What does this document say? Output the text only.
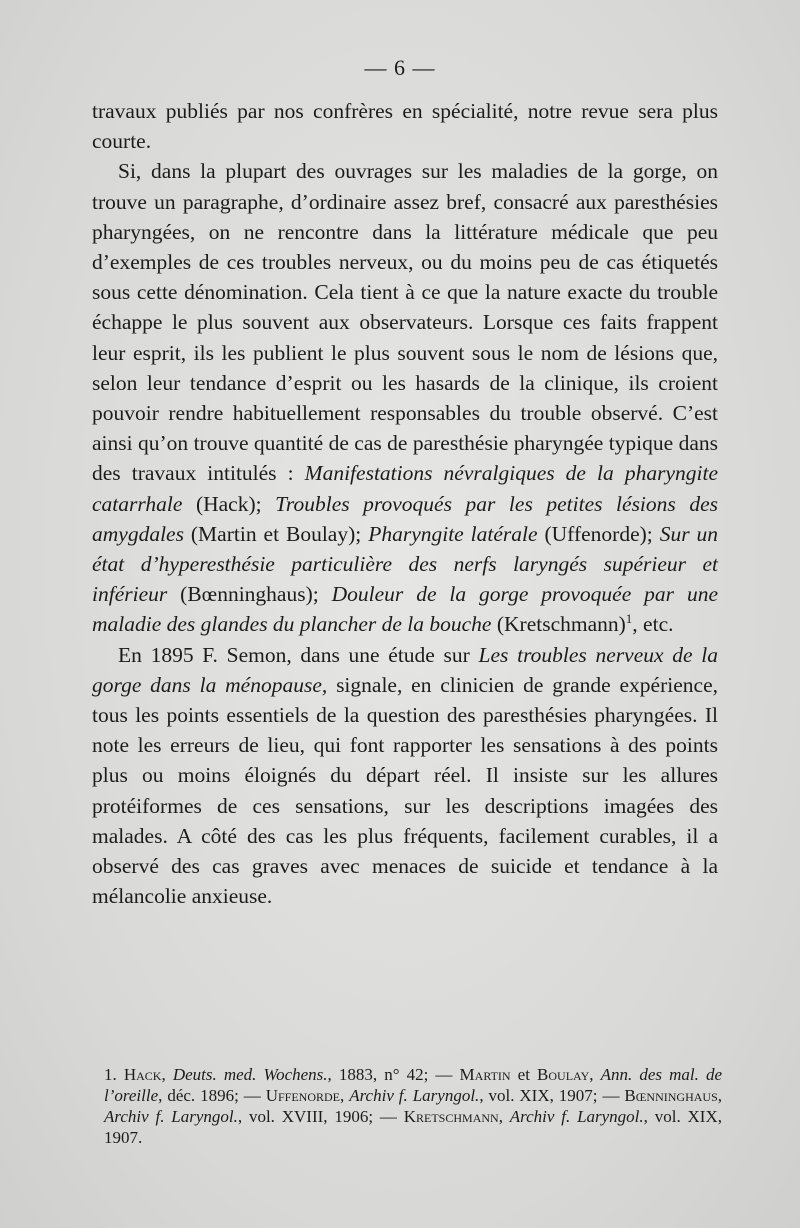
— 6 —

travaux publiés par nos confrères en spécialité, notre revue sera plus courte.

Si, dans la plupart des ouvrages sur les maladies de la gorge, on trouve un paragraphe, d’ordinaire assez bref, consacré aux paresthésies pharyngées, on ne rencontre dans la littérature médicale que peu d’exemples de ces troubles nerveux, ou du moins peu de cas étiquetés sous cette dénomination. Cela tient à ce que la nature exacte du trouble échappe le plus souvent aux observateurs. Lorsque ces faits frappent leur esprit, ils les publient le plus souvent sous le nom de lésions que, selon leur tendance d’esprit ou les hasards de la clinique, ils croient pouvoir rendre habituellement responsables du trouble observé. C’est ainsi qu’on trouve quantité de cas de paresthésie pharyngée typique dans des travaux intitulés : Manifestations névralgiques de la pharyngite catarrhale (Hack); Troubles provoqués par les petites lésions des amygdales (Martin et Boulay); Pharyngite latérale (Uffenorde); Sur un état d’hyperesthésie particulière des nerfs laryngés supérieur et inférieur (Bœnninghaus); Douleur de la gorge provoquée par une maladie des glandes du plancher de la bouche (Kretschmann)$^1$, etc.

En 1895 F. Semon, dans une étude sur Les troubles nerveux de la gorge dans la ménopause, signale, en clinicien de grande expérience, tous les points essentiels de la question des paresthésies pharyngées. Il note les erreurs de lieu, qui font rapporter les sensations à des points plus ou moins éloignés du départ réel. Il insiste sur les allures protéiformes de ces sensations, sur les descriptions imagées des malades. A côté des cas les plus fréquents, facilement curables, il a observé des cas graves avec menaces de suicide et tendance à la mélancolie anxieuse.

1. Hack, Deuts. med. Wochens., 1883, n° 42; — Martin et Boulay, Ann. des mal. de l’oreille, déc. 1896; — Uffenorde, Archiv f. Laryngol., vol. XIX, 1907; — Bœnninghaus, Archiv f. Laryngol., vol. XVIII, 1906; — Kretschmann, Archiv f. Laryngol., vol. XIX, 1907.
